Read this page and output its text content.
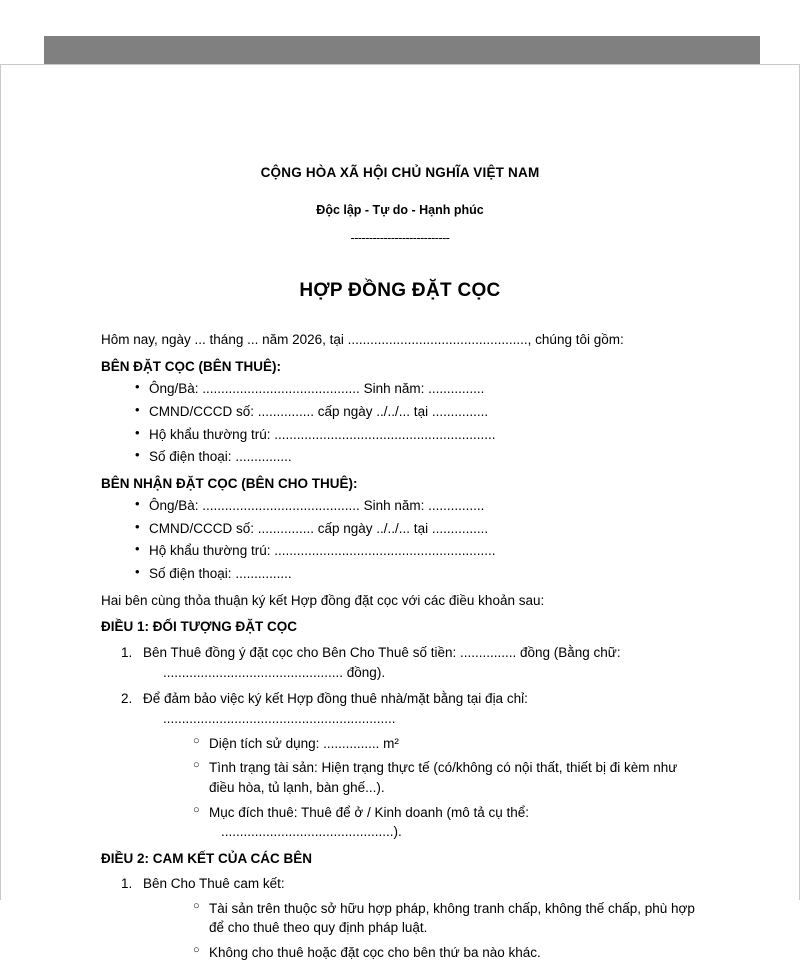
CỘNG HÒA XÃ HỘI CHỦ NGHĨA VIỆT NAM

Độc lập - Tự do - Hạnh phúc

---------------------------

HỢP ĐỒNG ĐẶT CỌC

Hôm nay, ngày ... tháng ... năm 2026, tại ................................................, chúng tôi gồm:

BÊN ĐẶT CỌC (BÊN THUÊ):

• Ông/Bà: .......................................... Sinh năm: ...............
• CMND/CCCD số: ............... cấp ngày ../../... tại ...............
• Hộ khẩu thường trú: ...........................................................
• Số điện thoại: ...............

BÊN NHẬN ĐẶT CỌC (BÊN CHO THUÊ):

• Ông/Bà: .......................................... Sinh năm: ...............
• CMND/CCCD số: ............... cấp ngày ../../... tại ...............
• Hộ khẩu thường trú: ...........................................................
• Số điện thoại: ...............

Hai bên cùng thỏa thuận ký kết Hợp đồng đặt cọc với các điều khoản sau:

ĐIỀU 1: ĐỐI TƯỢNG ĐẶT CỌC

Bên Thuê đồng ý đặt cọc cho Bên Cho Thuê số tiền: ............... đồng (Bằng chữ:
................................................ đồng).
Để đảm bảo việc ký kết Hợp đồng thuê nhà/mặt bằng tại địa chỉ:
..............................................................
○ Diện tích sử dụng: ............... m²
○ Tình trạng tài sản: Hiện trạng thực tế (có/không có nội thất, thiết bị đi kèm như điều hòa, tủ lạnh, bàn ghế...).
○ Mục đích thuê: Thuê để ở / Kinh doanh (mô tả cụ thể:
..............................................).

ĐIỀU 2: CAM KẾT CỦA CÁC BÊN

Bên Cho Thuê cam kết:
○ Tài sản trên thuộc sở hữu hợp pháp, không tranh chấp, không thế chấp, phù hợp để cho thuê theo quy định pháp luật.
○ Không cho thuê hoặc đặt cọc cho bên thứ ba nào khác.
